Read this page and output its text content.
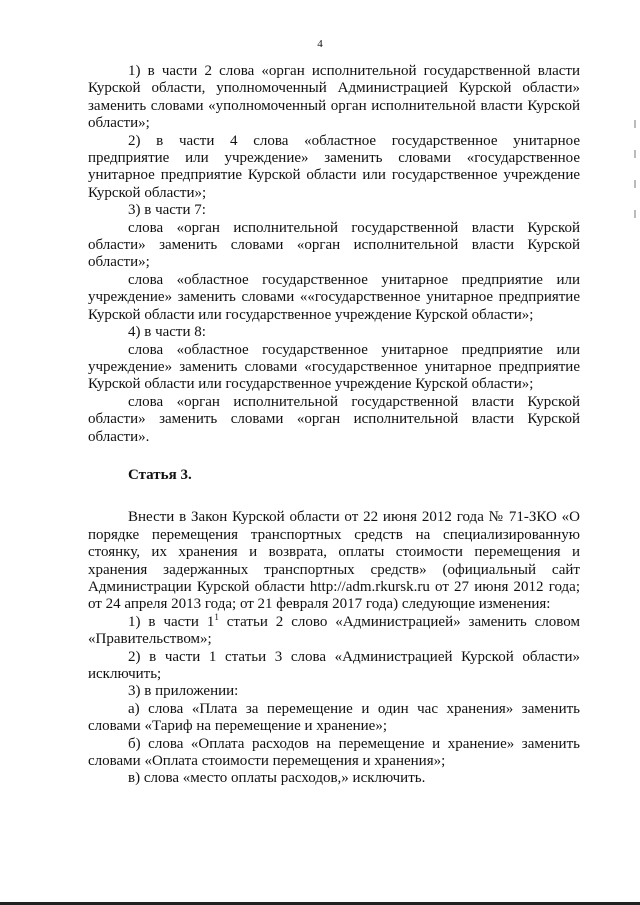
4

1) в части 2 слова «орган исполнительной государственной власти Курской области, уполномоченный Администрацией Курской области» заменить словами «уполномоченный орган исполнительной власти Курской области»;

2) в части 4 слова «областное государственное унитарное предприятие или учреждение» заменить словами «государственное унитарное предприятие Курской области или государственное учреждение Курской области»;

3) в части 7:

слова «орган исполнительной государственной власти Курской области» заменить словами «орган исполнительной власти Курской области»;

слова «областное государственное унитарное предприятие или учреждение» заменить словами ««государственное унитарное предприятие Курской области или государственное учреждение Курской области»;

4) в части 8:

слова «областное государственное унитарное предприятие или учреждение» заменить словами «государственное унитарное предприятие Курской области или государственное учреждение Курской области»;

слова «орган исполнительной государственной власти Курской области» заменить словами «орган исполнительной власти Курской области».

Статья 3.

Внести в Закон Курской области от 22 июня 2012 года № 71-ЗКО «О порядке перемещения транспортных средств на специализированную стоянку, их хранения и возврата, оплаты стоимости перемещения и хранения задержанных транспортных средств» (официальный сайт Администрации Курской области http://adm.rkursk.ru от 27 июня 2012 года; от 24 апреля 2013 года; от 21 февраля 2017 года) следующие изменения:

1) в части $1^1$ статьи 2 слово «Администрацией» заменить словом «Правительством»;

2) в части 1 статьи 3 слова «Администрацией Курской области» исключить;

3) в приложении:

а) слова «Плата за перемещение и один час хранения» заменить словами «Тариф на перемещение и хранение»;

б) слова «Оплата расходов на перемещение и хранение» заменить словами «Оплата стоимости перемещения и хранения»;

в) слова «место оплаты расходов,» исключить.
